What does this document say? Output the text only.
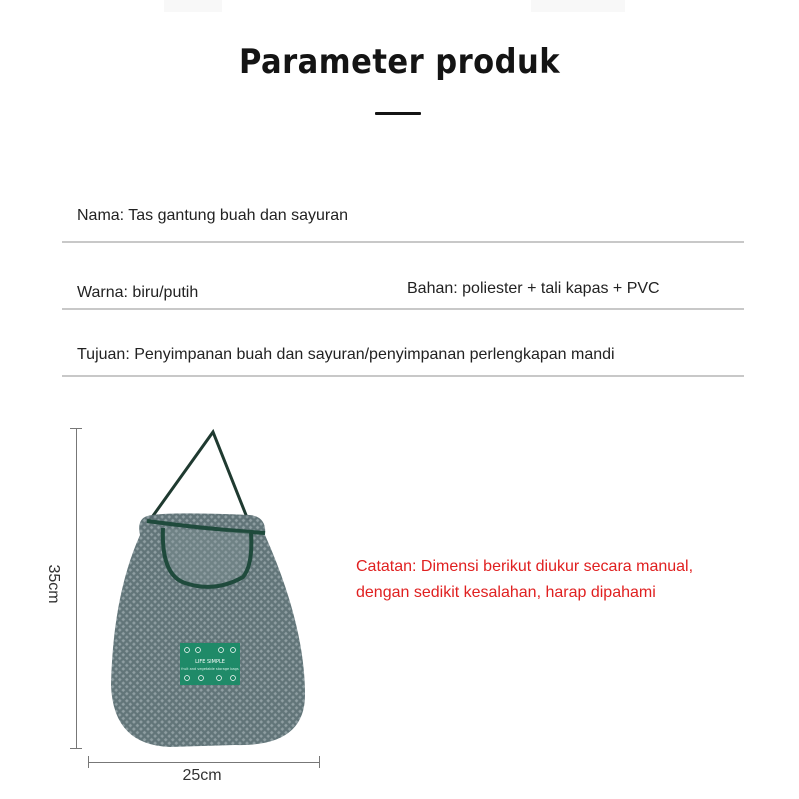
Parameter produk
Nama: Tas gantung buah dan sayuran
Warna: biru/putih	Bahan: poliester + tali kapas + PVC
Tujuan: Penyimpanan buah dan sayuran/penyimpanan perlengkapan mandi
35cm
25cm
LIFE SIMPLE
fruit and vegetable storage bags
Catatan: Dimensi berikut diukur secara manual,
dengan sedikit kesalahan, harap dipahami
